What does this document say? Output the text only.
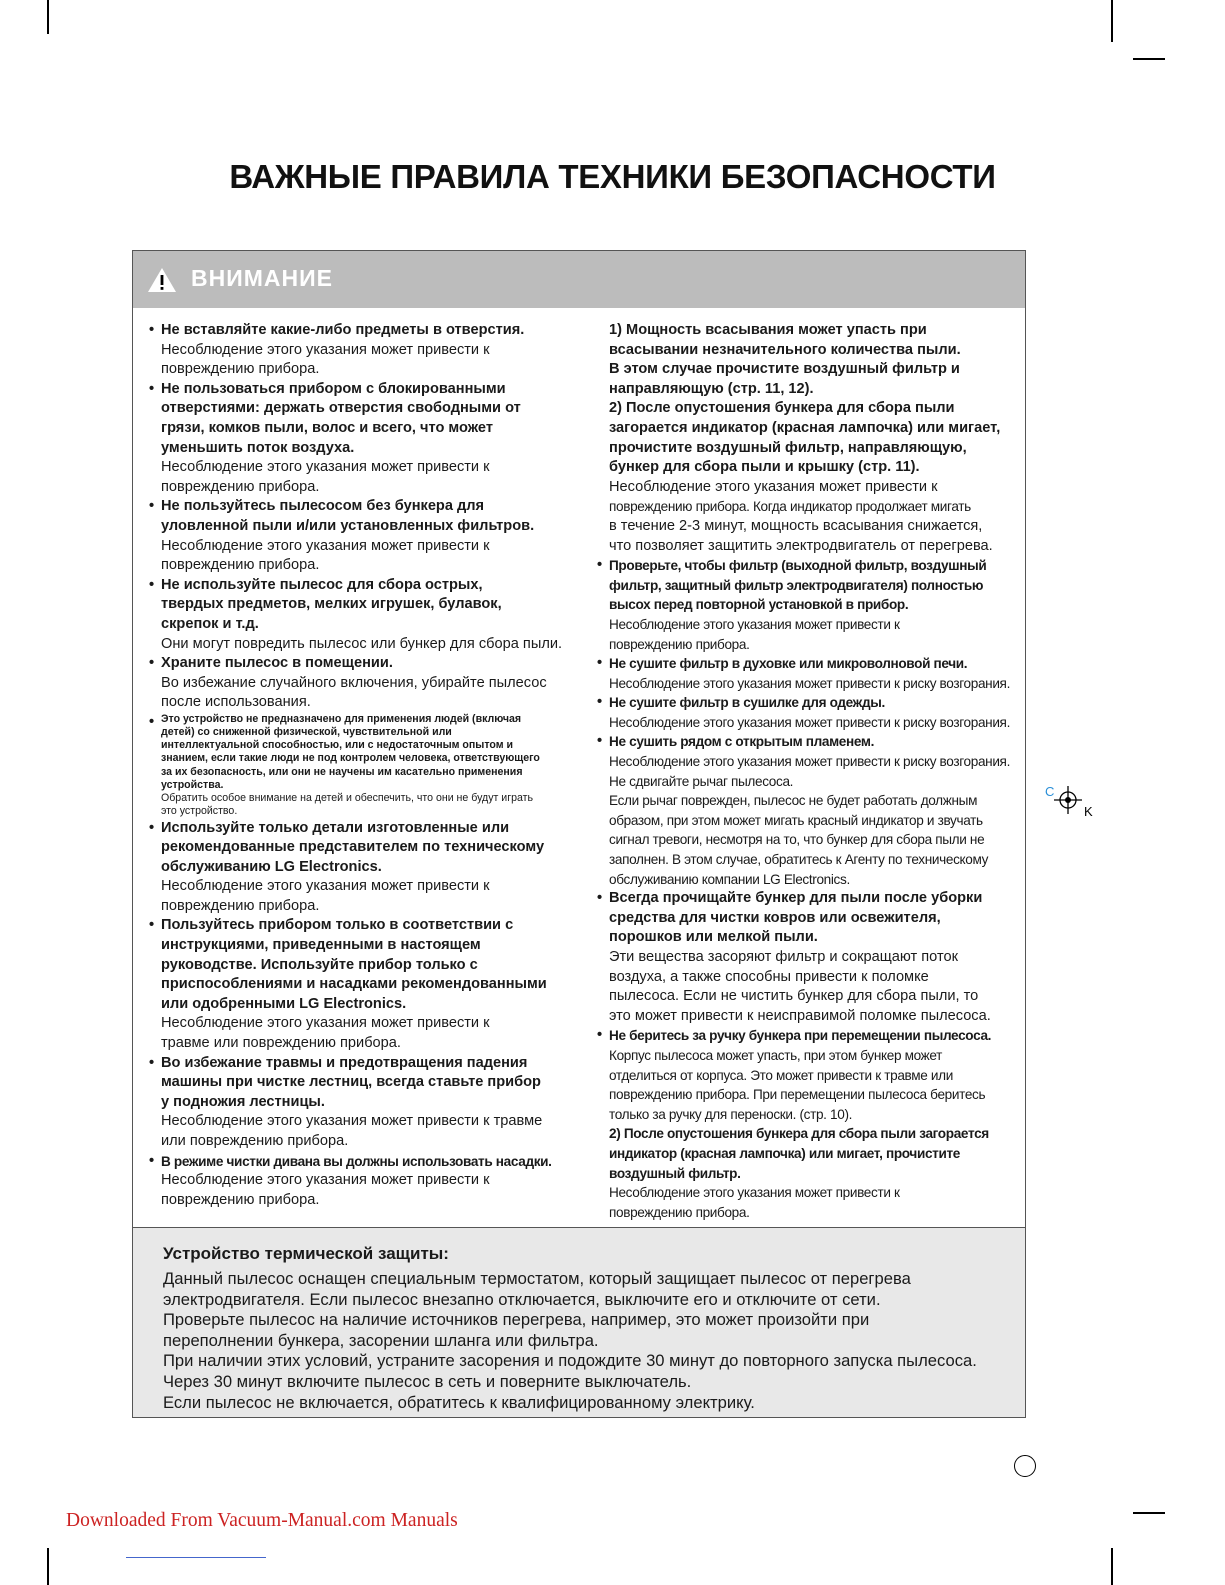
ВАЖНЫЕ ПРАВИЛА ТЕХНИКИ БЕЗОПАСНОСТИ
ВНИМАНИЕ
• Не вставляйте какие-либо предметы в отверстия.
Несоблюдение этого указания может привести к
повреждению прибора.
• Не пользоваться прибором с блокированными
отверстиями: держать отверстия свободными от
грязи, комков пыли, волос и всего, что может
уменьшить поток воздуха.
Несоблюдение этого указания может привести к
повреждению прибора.
• Не пользуйтесь пылесосом без бункера для
уловленной пыли и/или установленных фильтров.
Несоблюдение этого указания может привести к
повреждению прибора.
• Не используйте пылесос для сбора острых,
твердых предметов, мелких игрушек, булавок,
скрепок и т.д.
Они могут повредить пылесос или бункер для сбора пыли.
• Храните пылесос в помещении.
Во избежание случайного включения, убирайте пылесос
после использования.
• Это устройство не предназначено для применения людей (включая
детей) со сниженной физической, чувствительной или
интеллектуальной способностью, или с недостаточным опытом и
знанием, если такие люди не под контролем человека, ответствующего
за их безопасность, или они не научены им касательно применения
устройства.
Обратить особое внимание на детей и обеспечить, что они не будут играть
это устройство.
• Используйте только детали изготовленные или
рекомендованные представителем по техническому
обслуживанию LG Electronics.
Несоблюдение этого указания может привести к
повреждению прибора.
• Пользуйтесь прибором только в соответствии с
инструкциями, приведенными в настоящем
руководстве. Используйте прибор только с
приспособлениями и насадками рекомендованными
или одобренными LG Electronics.
Несоблюдение этого указания может привести к
травме или повреждению прибора.
• Во избежание травмы и предотвращения падения
машины при чистке лестниц, всегда ставьте прибор
у подножия лестницы.
Несоблюдение этого указания может привести к травме
или повреждению прибора.
• В режиме чистки дивана вы должны использовать насадки.
Несоблюдение этого указания может привести к
повреждению прибора.
1) Мощность всасывания может упасть при
всасывании незначительного количества пыли.
В этом случае прочистите воздушный фильтр и
направляющую (стр. 11, 12).
2) После опустошения бункера для сбора пыли
загорается индикатор (красная лампочка) или мигает,
прочистите воздушный фильтр, направляющую,
бункер для сбора пыли и крышку (стр. 11).
Несоблюдение этого указания может привести к
повреждению прибора. Когда индикатор продолжает мигать
в течение 2-3 минут, мощность всасывания снижается,
что позволяет защитить электродвигатель от перегрева.
• Проверьте, чтобы фильтр (выходной фильтр, воздушный
фильтр, защитный фильтр электродвигателя) полностью
высох перед повторной установкой в прибор.
Несоблюдение этого указания может привести к
повреждению прибора.
• Не сушите фильтр в духовке или микроволновой печи.
Несоблюдение этого указания может привести к риску возгорания.
• Не сушите фильтр в сушилке для одежды.
Несоблюдение этого указания может привести к риску возгорания.
• Не сушить рядом с открытым пламенем.
Несоблюдение этого указания может привести к риску возгорания.
Не сдвигайте рычаг пылесоса.
Если рычаг поврежден, пылесос не будет работать должным
образом, при этом может мигать красный индикатор и звучать
сигнал тревоги, несмотря на то, что бункер для сбора пыли не
заполнен. В этом случае, обратитесь к Агенту по техническому
обслуживанию компании LG Electronics.
• Всегда прочищайте бункер для пыли после уборки
средства для чистки ковров или освежителя,
порошков или мелкой пыли.
Эти вещества засоряют фильтр и сокращают поток
воздуха, а также способны привести к поломке
пылесоса. Если не чистить бункер для сбора пыли, то
это может привести к неисправимой поломке пылесоса.
• Не беритесь за ручку бункера при перемещении пылесоса.
Корпус пылесоса может упасть, при этом бункер может
отделиться от корпуса. Это может привести к травме или
повреждению прибора. При перемещении пылесоса беритесь
только за ручку для переноски. (стр. 10).
2) После опустошения бункера для сбора пыли загорается
индикатор (красная лампочка) или мигает, прочистите
воздушный фильтр.
Несоблюдение этого указания может привести к
повреждению прибора.
Устройство термической защиты:
Данный пылесос оснащен специальным термостатом, который защищает пылесос от перегрева
электродвигателя. Если пылесос внезапно отключается, выключите его и отключите от сети.
Проверьте пылесос на наличие источников перегрева, например, это может произойти при
переполнении бункера, засорении шланга или фильтра.
При наличии этих условий, устраните засорения и подождите 30 минут до повторного запуска пылесоса.
Через 30 минут включите пылесос в сеть и поверните выключатель.
Если пылесос не включается, обратитесь к квалифицированному электрику.
C
K
Downloaded From Vacuum-Manual.com Manuals
